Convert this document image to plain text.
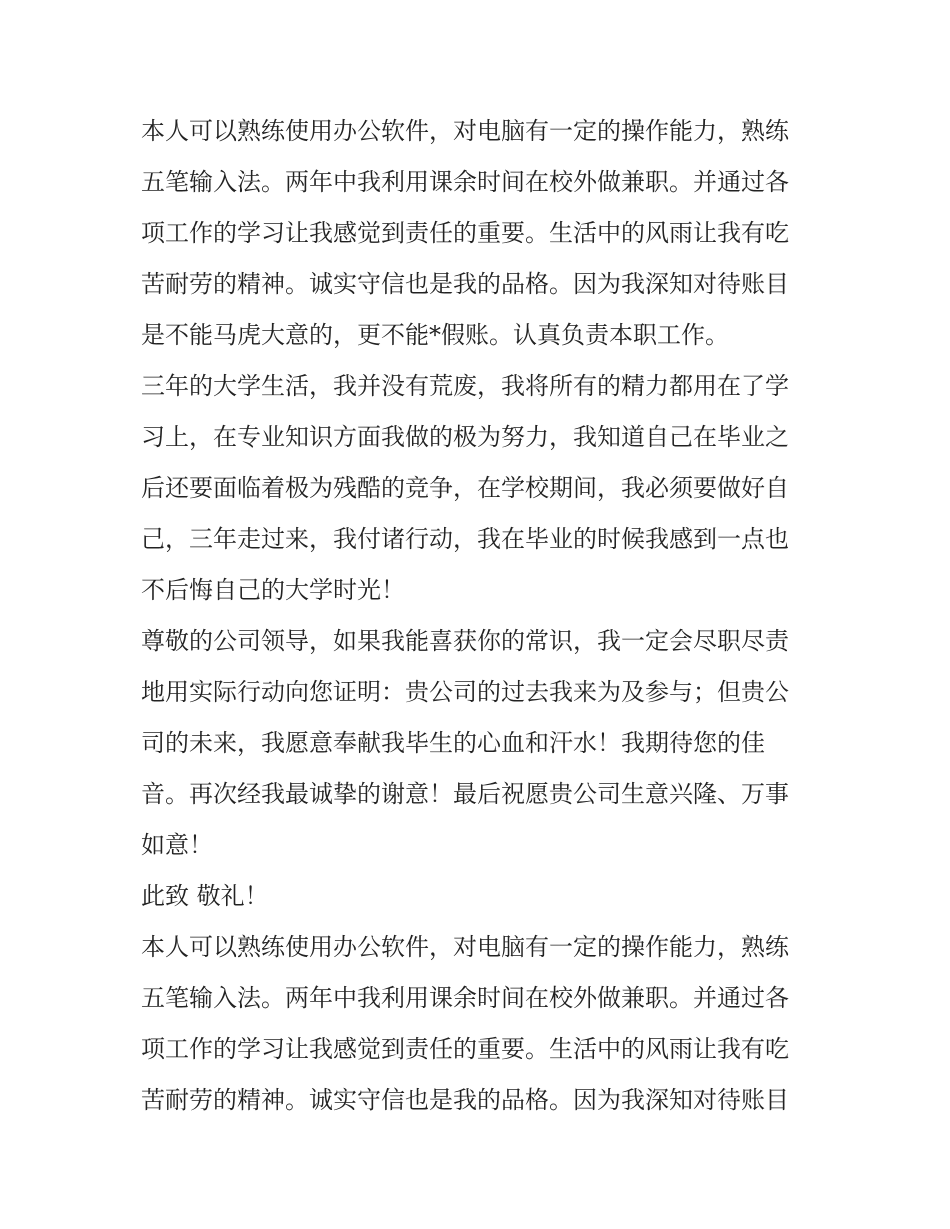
本人可以熟练使用办公软件，对电脑有一定的操作能力，熟练
五笔输入法。两年中我利用课余时间在校外做兼职。并通过各
项工作的学习让我感觉到责任的重要。生活中的风雨让我有吃
苦耐劳的精神。诚实守信也是我的品格。因为我深知对待账目
是不能马虎大意的，更不能*假账。认真负责本职工作。
三年的大学生活，我并没有荒废，我将所有的精力都用在了学
习上，在专业知识方面我做的极为努力，我知道自己在毕业之
后还要面临着极为残酷的竞争，在学校期间，我必须要做好自
己，三年走过来，我付诸行动，我在毕业的时候我感到一点也
不后悔自己的大学时光！
尊敬的公司领导，如果我能喜获你的常识，我一定会尽职尽责
地用实际行动向您证明：贵公司的过去我来为及参与；但贵公
司的未来，我愿意奉献我毕生的心血和汗水！我期待您的佳
音。再次经我最诚挚的谢意！最后祝愿贵公司生意兴隆、万事
如意！
此致 敬礼！
本人可以熟练使用办公软件，对电脑有一定的操作能力，熟练
五笔输入法。两年中我利用课余时间在校外做兼职。并通过各
项工作的学习让我感觉到责任的重要。生活中的风雨让我有吃
苦耐劳的精神。诚实守信也是我的品格。因为我深知对待账目
